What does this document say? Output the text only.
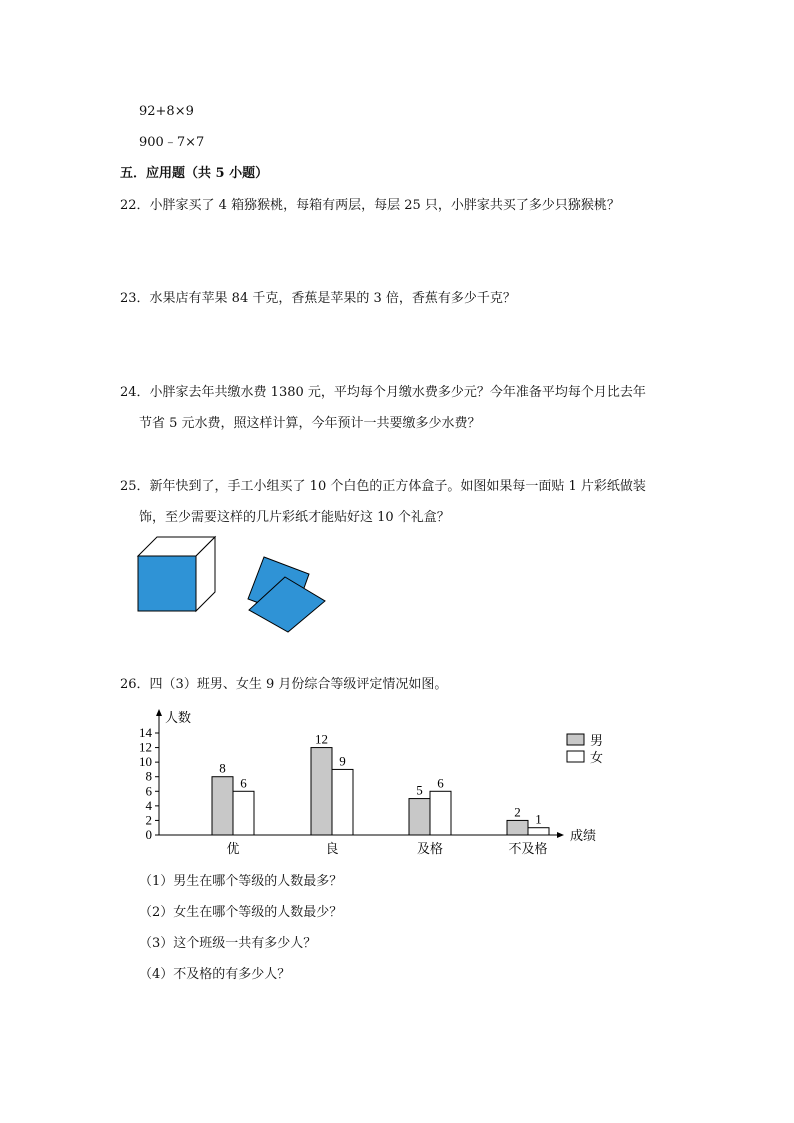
92+8×9
900﹣7×7
五．应用题（共 5 小题）
22．小胖家买了 4 箱猕猴桃，每箱有两层，每层 25 只，小胖家共买了多少只猕猴桃？
23．水果店有苹果 84 千克，香蕉是苹果的 3 倍，香蕉有多少千克？
24．小胖家去年共缴水费 1380 元，平均每个月缴水费多少元？今年准备平均每个月比去年
节省 5 元水费，照这样计算，今年预计一共要缴多少水费？
25．新年快到了，手工小组买了 10 个白色的正方体盒子。如图如果每一面贴 1 片彩纸做装
饰，至少需要这样的几片彩纸才能贴好这 10 个礼盒？
26．四（3）班男、女生 9 月份综合等级评定情况如图。
0
2
4
6
8
10
12
14
人数
成绩
8
6
优
12
9
良
5 6
及格
2 1
不及格
男
女
（1）男生在哪个等级的人数最多？
（2）女生在哪个等级的人数最少？
（3）这个班级一共有多少人？
（4）不及格的有多少人？
